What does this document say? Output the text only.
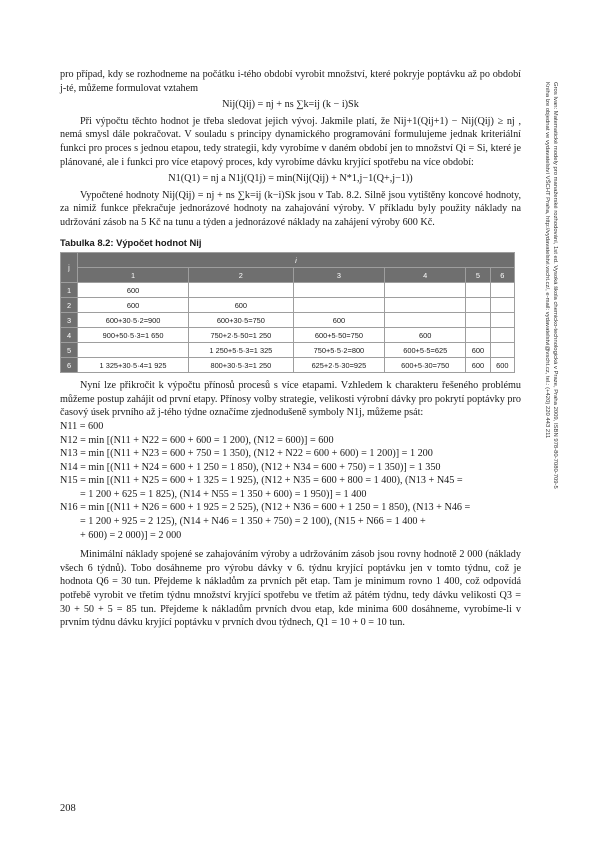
pro případ, kdy se rozhodneme na počátku i-tého období vyrobit množství, které pokryje poptávku až po období j-té, můžeme formulovat vztahem

Nij(Qij) = nj + ns ∑k=ij (k − i)Sk

Při výpočtu těchto hodnot je třeba sledovat jejich vývoj. Jakmile platí, že Nij+1(Qij+1) − Nij(Qij) ≥ nj , nemá smysl dále pokračovat. V souladu s principy dynamického programování formulujeme jednak kriteriální funkci pro proces s jednou etapou, tedy strategii, kdy vyrobíme v daném období jen to množství Qi = Si, které je plánované, ale i funkci pro více etapový proces, kdy vyrobíme dávku kryjící spotřebu na více období:

N1(Q1) = nj a N1j(Q1j) = min(Nij(Qij) + N*1,j−1(Q+,j−1))

Vypočtené hodnoty Nij(Qij) = nj + ns ∑k=ij (k−i)Sk jsou v Tab. 8.2. Silně jsou vytištěny koncové hodnoty, za nimiž funkce překračuje jednorázové hodnoty na zahajování výroby. V příkladu byly použity náklady na udržování zásob na 5 Kč na tunu a týden a jednorázové náklady na zahájení výroby 600 Kč.

Tabulka 8.2: Výpočet hodnot Nij
j	i					
	1	2	3	4	5	6
1	600					
2	600	600				
3	600+30·5·2=900	600+30·5=750	600			
4	900+50·5·3=1 650	750+2·5·50=1 250	600+5·50=750	600		
5		1 250+5·5·3=1 325	750+5·5·2=800	600+5·5=625	600	
6	1 325+30·5·4=1 925	800+30·5·3=1 250	625+2·5·30=925	600+5·30=750	600	600

Nyní lze přikročit k výpočtu přínosů procesů s více etapami. Vzhledem k charakteru řešeného problému můžeme postup zahájit od první etapy. Přínosy volby strategie, velikosti výrobní dávky pro pokrytí poptávky pro časový úsek prvního až j-tého týdne označíme zjednodušeně symboly N1j, můžeme psát:

N11 = 600

N12 = min [(N11 + N22 = 600 + 600 = 1 200), (N12 = 600)] = 600

N13 = min [(N11 + N23 = 600 + 750 = 1 350), (N12 + N22 = 600 + 600) = 1 200)] = 1 200

N14 = min [(N11 + N24 = 600 + 1 250 = 1 850), (N12 + N34 = 600 + 750) = 1 350)] = 1 350

N15 = min [(N11 + N25 = 600 + 1 325 = 1 925), (N12 + N35 = 600 + 800 = 1 400), (N13 + N45 =

= 1 200 + 625 = 1 825), (N14 + N55 = 1 350 + 600) = 1 950)] = 1 400

N16 = min [(N11 + N26 = 600 + 1 925 = 2 525), (N12 + N36 = 600 + 1 250 = 1 850), (N13 + N46 =

= 1 200 + 925 = 2 125), (N14 + N46 = 1 350 + 750) = 2 100), (N15 + N66 = 1 400 +

+ 600) = 2 000)] = 2 000

Minimální náklady spojené se zahajováním výroby a udržováním zásob jsou rovny hodnotě 2 000 (náklady všech 6 týdnů). Tobo dosáhneme pro výrobu dávky v 6. týdnu kryjící poptávku jen v tomto týdnu, což je hodnota Q6 = 30 tun. Přejdeme k nákladům za prvních pět etap. Tam je minimum rovno 1 400, což odpovídá potřebě vyrobit ve třetím týdnu množství kryjící spotřebu ve třetím až pátém týdnu, tedy dávku velikosti Q3 = 30 + 50 + 5 = 85 tun. Přejdeme k nákladům prvních dvou etap, kde minima 600 dosáhneme, vyrobíme-li v prvním týdnu dávku kryjící poptávku v prvních dvou týdnech, Q1 = 10 + 0 = 10 tun.

Gros Ivan: Matematické modely pro manažerské rozhodování, 1st ed. Vysoká škola chemicko-technologická v Praze, Praha 2009, ISBN 978-80-7080-709-5
Kniha lze objednat ve vydavatelství VŠCHT Praha, http://vydavatelstvi.vscht.cz/, e-mail: vydavatelstvi@vscht.cz, tel.: (+420) 220 443 211
208
